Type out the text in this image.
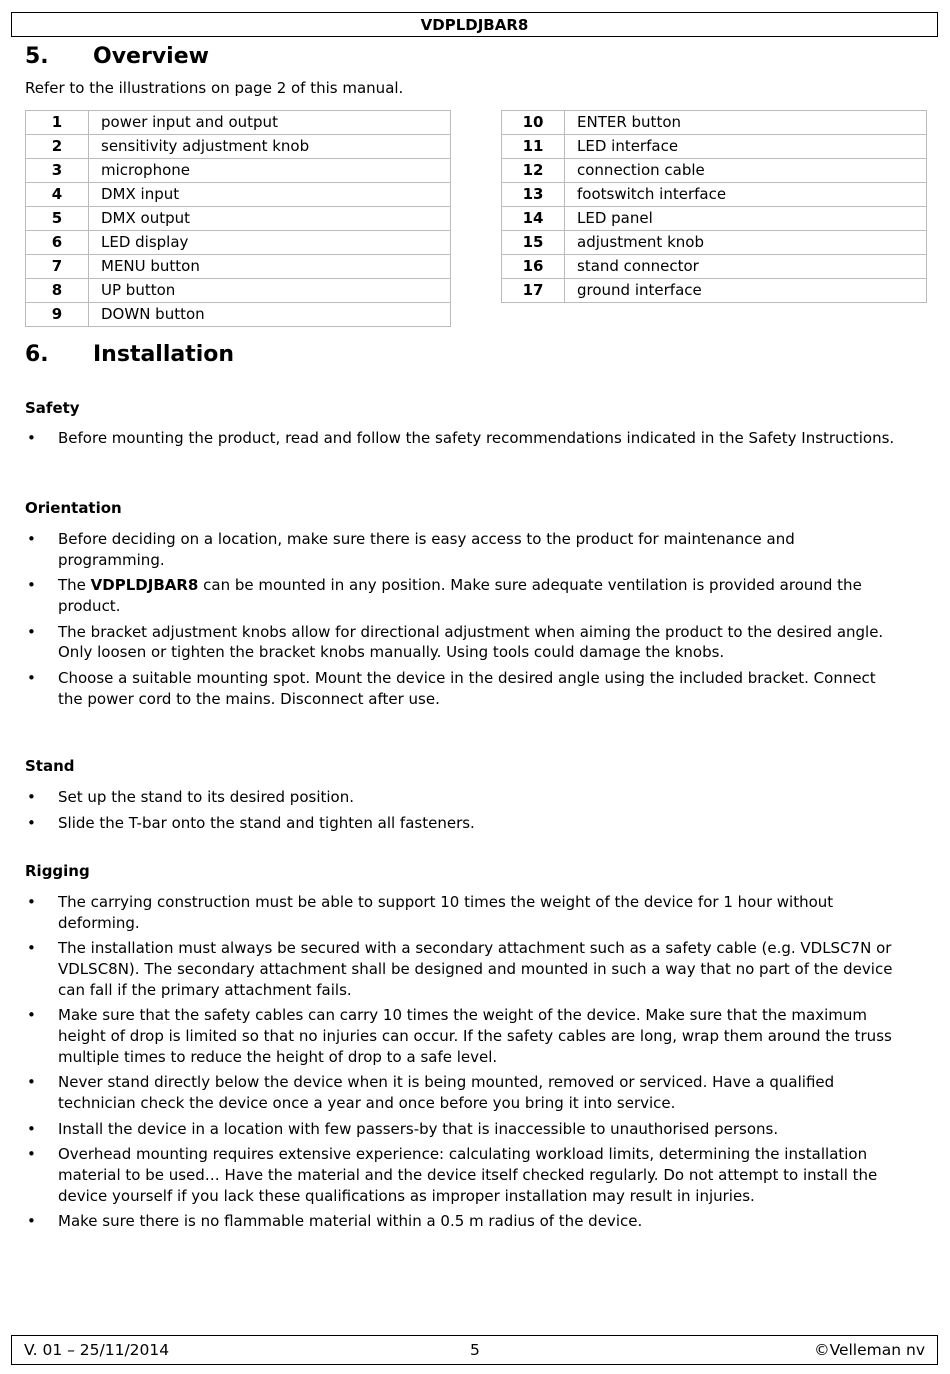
VDPLDJBAR8
5. Overview
Refer to the illustrations on page 2 of this manual.
1	power input and output
2	sensitivity adjustment knob
3	microphone
4	DMX input
5	DMX output
6	LED display
7	MENU button
8	UP button
9	DOWN button
10	ENTER button
11	LED interface
12	connection cable
13	footswitch interface
14	LED panel
15	adjustment knob
16	stand connector
17	ground interface
6. Installation
Safety
• Before mounting the product, read and follow the safety recommendations indicated in the Safety Instructions.
Orientation
• Before deciding on a location, make sure there is easy access to the product for maintenance and programming.
• The VDPLDJBAR8 can be mounted in any position. Make sure adequate ventilation is provided around the product.
• The bracket adjustment knobs allow for directional adjustment when aiming the product to the desired angle. Only loosen or tighten the bracket knobs manually. Using tools could damage the knobs.
• Choose a suitable mounting spot. Mount the device in the desired angle using the included bracket. Connect the power cord to the mains. Disconnect after use.
Stand
• Set up the stand to its desired position.
• Slide the T-bar onto the stand and tighten all fasteners.
Rigging
• The carrying construction must be able to support 10 times the weight of the device for 1 hour without deforming.
• The installation must always be secured with a secondary attachment such as a safety cable (e.g. VDLSC7N or VDLSC8N). The secondary attachment shall be designed and mounted in such a way that no part of the device can fall if the primary attachment fails.
• Make sure that the safety cables can carry 10 times the weight of the device. Make sure that the maximum height of drop is limited so that no injuries can occur. If the safety cables are long, wrap them around the truss multiple times to reduce the height of drop to a safe level.
• Never stand directly below the device when it is being mounted, removed or serviced. Have a qualified technician check the device once a year and once before you bring it into service.
• Install the device in a location with few passers-by that is inaccessible to unauthorised persons.
• Overhead mounting requires extensive experience: calculating workload limits, determining the installation material to be used… Have the material and the device itself checked regularly. Do not attempt to install the device yourself if you lack these qualifications as improper installation may result in injuries.
• Make sure there is no flammable material within a 0.5 m radius of the device.
V. 01 – 25/11/2014	5	©Velleman nv
